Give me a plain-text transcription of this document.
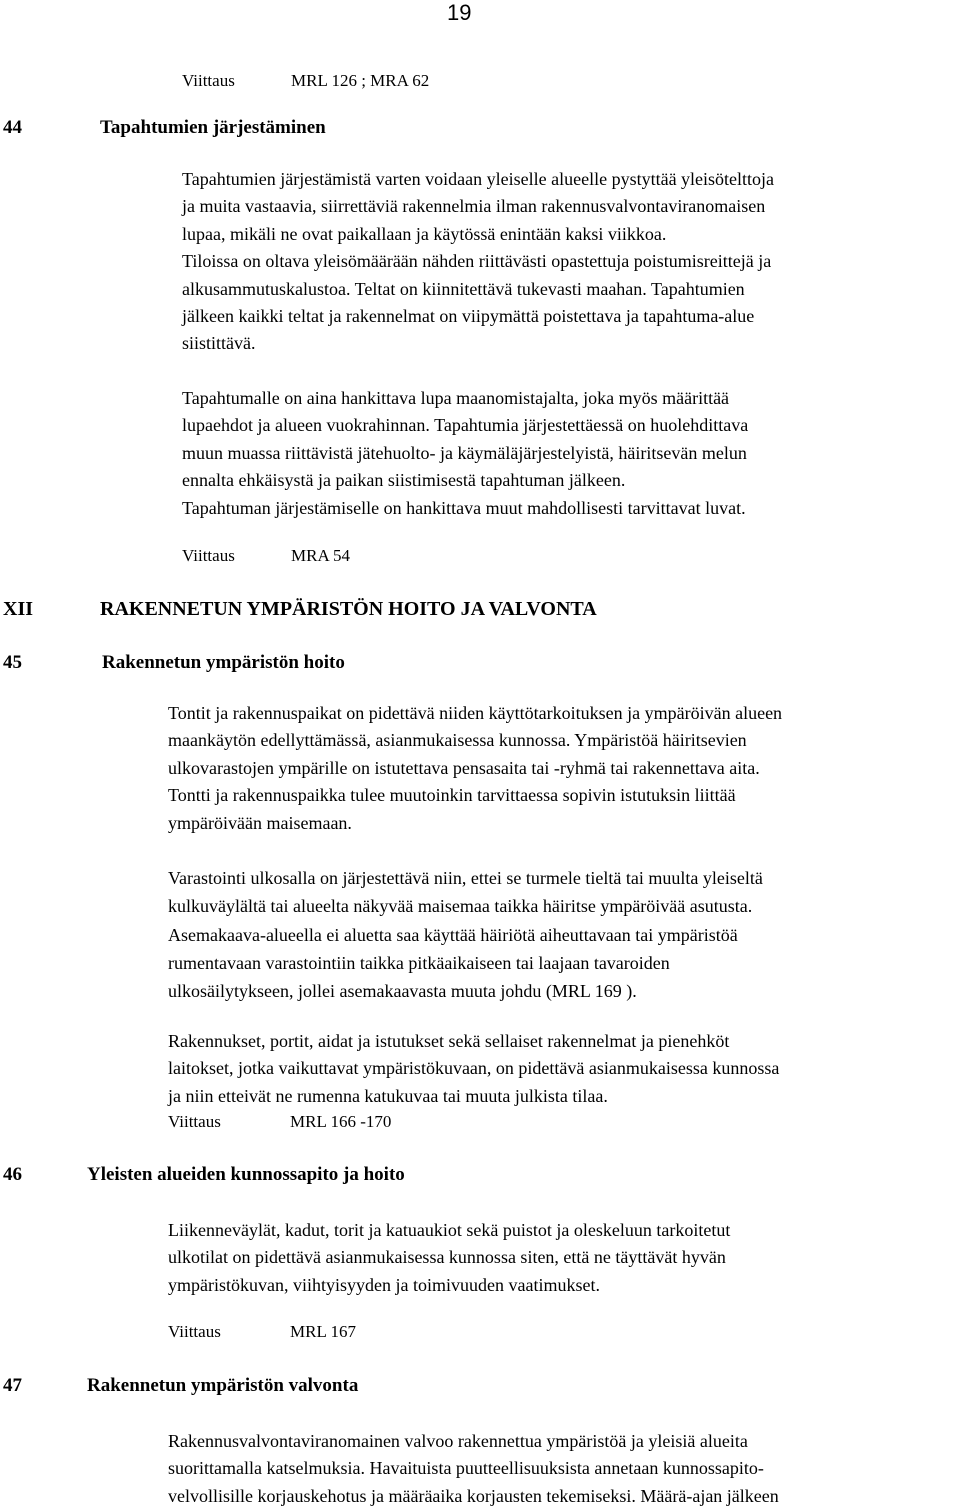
19
Viittaus	MRL 126 ; MRA 62
44	Tapahtumien järjestäminen

Tapahtumien järjestämistä varten voidaan yleiselle alueelle pystyttää yleisötelttoja

ja muita vastaavia, siirrettäviä rakennelmia ilman rakennusvalvontaviranomaisen

lupaa, mikäli ne ovat paikallaan ja käytössä enintään kaksi viikkoa.

Tiloissa on oltava yleisömäärään nähden riittävästi opastettuja poistumisreittejä ja

alkusammutuskalustoa. Teltat on kiinnitettävä tukevasti maahan. Tapahtumien

jälkeen kaikki teltat ja rakennelmat on viipymättä poistettava ja tapahtuma-alue

siistittävä.

Tapahtumalle on aina hankittava lupa maanomistajalta, joka myös määrittää

lupaehdot ja alueen vuokrahinnan. Tapahtumia järjestettäessä on huolehdittava

muun muassa riittävistä jätehuolto- ja käymäläjärjestelyistä, häiritsevän melun

ennalta ehkäisystä ja paikan siistimisestä tapahtuman jälkeen.

Tapahtuman järjestämiselle on hankittava muut mahdollisesti tarvittavat luvat.

Viittaus	MRA 54
XII	RAKENNETUN YMPÄRISTÖN HOITO JA VALVONTA
45	Rakennetun ympäristön hoito

Tontit ja rakennuspaikat on pidettävä niiden käyttötarkoituksen ja ympäröivän alueen

maankäytön edellyttämässä, asianmukaisessa kunnossa. Ympäristöä häiritsevien

ulkovarastojen ympärille on istutettava pensasaita tai -ryhmä tai rakennettava aita.

Tontti ja rakennuspaikka tulee muutoinkin tarvittaessa sopivin istutuksin liittää

ympäröivään maisemaan.

Varastointi ulkosalla on järjestettävä niin, ettei se turmele tieltä tai muulta yleiseltä

kulkuväylältä tai alueelta näkyvää maisemaa taikka häiritse ympäröivää asutusta.

Asemakaava-alueella ei aluetta saa käyttää häiriötä aiheuttavaan tai ympäristöä

rumentavaan varastointiin taikka pitkäaikaiseen tai laajaan tavaroiden

ulkosäilytykseen, jollei asemakaavasta muuta johdu (MRL 169 ).

Rakennukset, portit, aidat ja istutukset sekä sellaiset rakennelmat ja pienehköt

laitokset, jotka vaikuttavat ympäristökuvaan, on pidettävä asianmukaisessa kunnossa

ja niin etteivät ne rumenna katukuvaa tai muuta julkista tilaa.

Viittaus	MRL 166 -170
46	Yleisten alueiden kunnossapito ja hoito

Liikenneväylät, kadut, torit ja katuaukiot sekä puistot ja oleskeluun tarkoitetut

ulkotilat on pidettävä asianmukaisessa kunnossa siten, että ne täyttävät hyvän

ympäristökuvan, viihtyisyyden ja toimivuuden vaatimukset.

Viittaus	MRL 167
47	Rakennetun ympäristön valvonta

Rakennusvalvontaviranomainen valvoo rakennettua ympäristöä ja yleisiä alueita

suorittamalla katselmuksia. Havaituista puutteellisuuksista annetaan kunnossapito-

velvollisille korjauskehotus ja määräaika korjausten tekemiseksi. Määrä-ajan jälkeen
